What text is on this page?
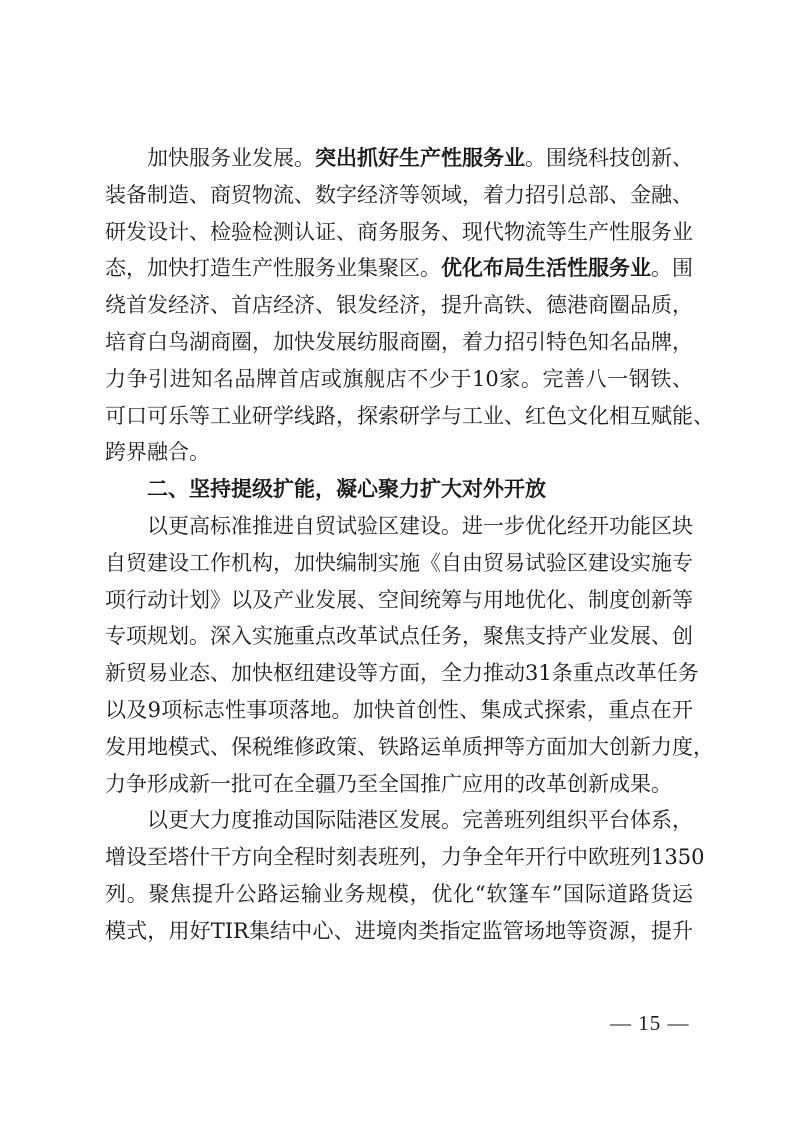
加快服务业发展。突出抓好生产性服务业。围绕科技创新、
装备制造、商贸物流、数字经济等领域，着力招引总部、金融、
研发设计、检验检测认证、商务服务、现代物流等生产性服务业
态，加快打造生产性服务业集聚区。优化布局生活性服务业。围
绕首发经济、首店经济、银发经济，提升高铁、德港商圈品质，
培育白鸟湖商圈，加快发展纺服商圈，着力招引特色知名品牌，
力争引进知名品牌首店或旗舰店不少于10家。完善八一钢铁、
可口可乐等工业研学线路，探索研学与工业、红色文化相互赋能、
跨界融合。
二、坚持提级扩能，凝心聚力扩大对外开放
以更高标准推进自贸试验区建设。进一步优化经开功能区块
自贸建设工作机构，加快编制实施《自由贸易试验区建设实施专
项行动计划》以及产业发展、空间统筹与用地优化、制度创新等
专项规划。深入实施重点改革试点任务，聚焦支持产业发展、创
新贸易业态、加快枢纽建设等方面，全力推动31条重点改革任务
以及9项标志性事项落地。加快首创性、集成式探索，重点在开
发用地模式、保税维修政策、铁路运单质押等方面加大创新力度，
力争形成新一批可在全疆乃至全国推广应用的改革创新成果。
以更大力度推动国际陆港区发展。完善班列组织平台体系，
增设至塔什干方向全程时刻表班列，力争全年开行中欧班列1350
列。聚焦提升公路运输业务规模，优化“软篷车”国际道路货运
模式，用好TIR集结中心、进境肉类指定监管场地等资源，提升
— 15 —
